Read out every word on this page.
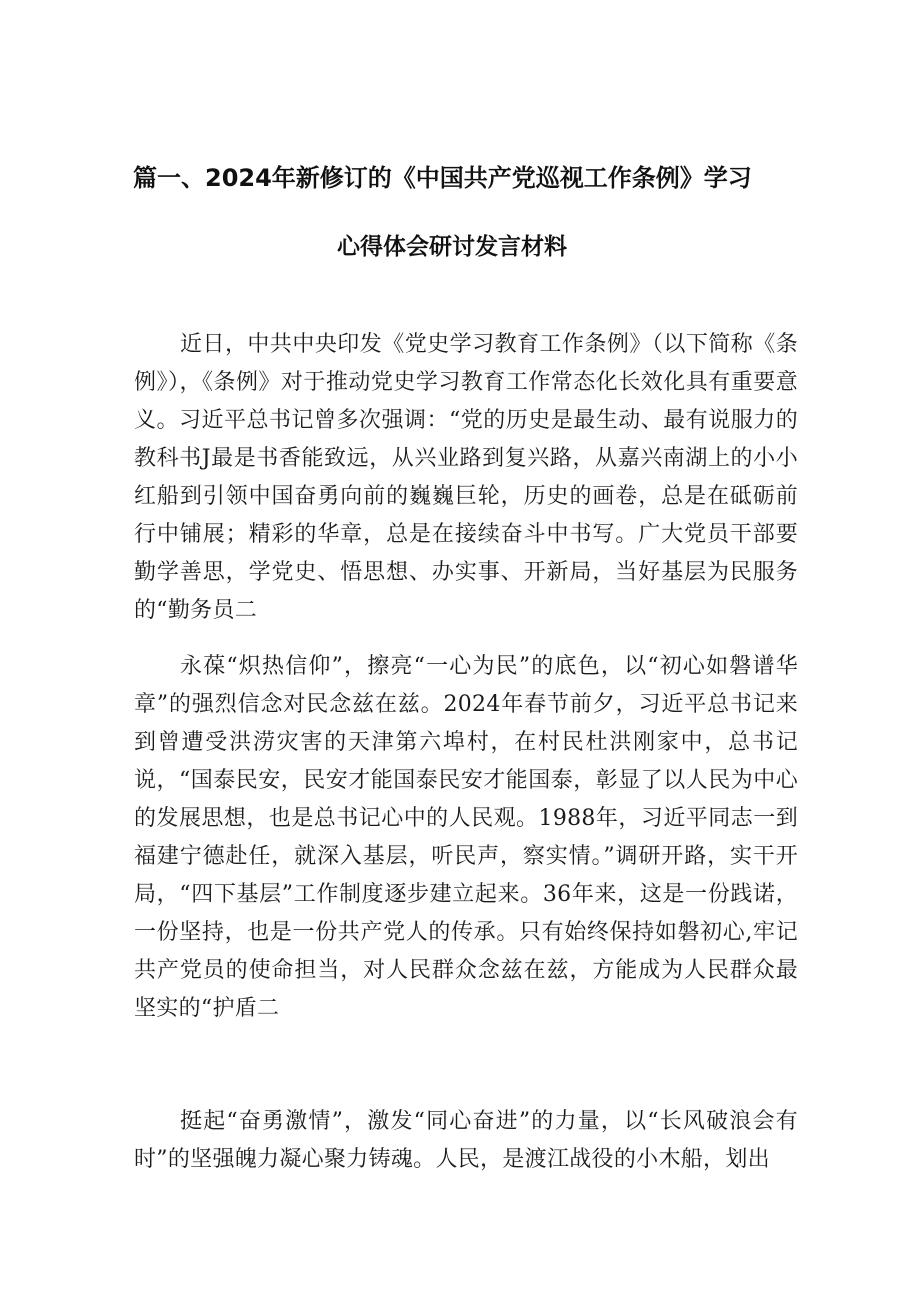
篇一、2024年新修订的《中国共产党巡视工作条例》学习
心得体会研讨发言材料

近日，中共中央印发《党史学习教育工作条例》（以下简称《条例》），《条例》对于推动党史学习教育工作常态化长效化具有重要意义。习近平总书记曾多次强调：“党的历史是最生动、最有说服力的教科书J最是书香能致远，从兴业路到复兴路，从嘉兴南湖上的小小红船到引领中国奋勇向前的巍巍巨轮，历史的画卷，总是在砥砺前行中铺展；精彩的华章，总是在接续奋斗中书写。广大党员干部要勤学善思，学党史、悟思想、办实事、开新局，当好基层为民服务的“勤务员二

永葆“炽热信仰”，擦亮“一心为民”的底色，以“初心如磐谱华章”的强烈信念对民念兹在兹。2024年春节前夕，习近平总书记来到曾遭受洪涝灾害的天津第六埠村，在村民杜洪刚家中，总书记说，“国泰民安，民安才能国泰民安才能国泰，彰显了以人民为中心的发展思想，也是总书记心中的人民观。1988年，习近平同志一到福建宁德赴任，就深入基层，听民声，察实情。”调研开路，实干开局，“四下基层”工作制度逐步建立起来。36年来，这是一份践诺，一份坚持，也是一份共产党人的传承。只有始终保持如磐初心,牢记共产党员的使命担当，对人民群众念兹在兹，方能成为人民群众最坚实的“护盾二

挺起“奋勇激情”，激发“同心奋进”的力量，以“长风破浪会有时”的坚强魄力凝心聚力铸魂。人民，是渡江战役的小木船，划出
